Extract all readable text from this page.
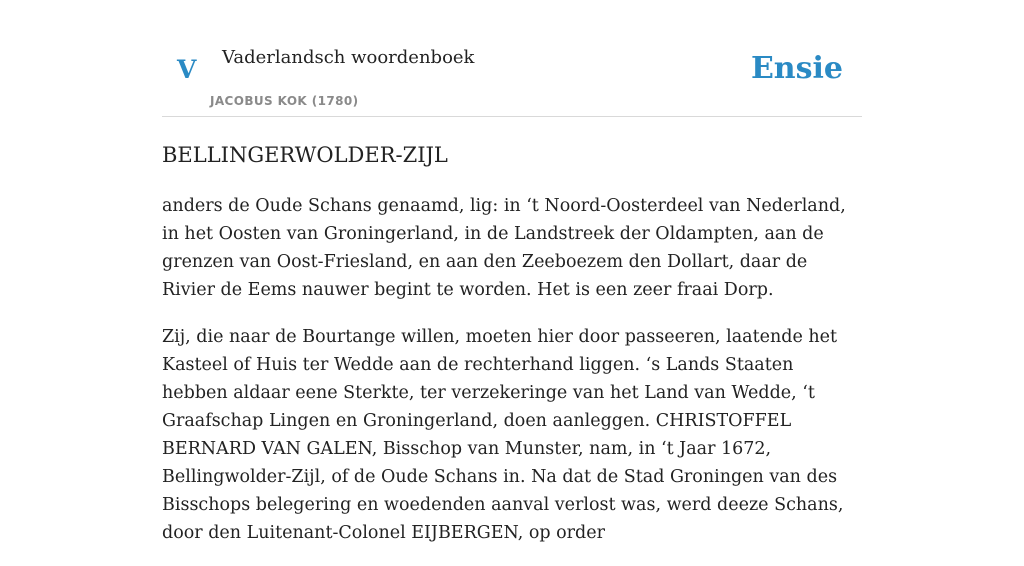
V Vaderlandsch woordenboek
JACOBUS KOK (1780)
Ensie
BELLINGERWOLDER-ZIJL

anders de Oude Schans genaamd, lig: in ‘t Noord-Oosterdeel van Nederland, in het Oosten van Groningerland, in de Landstreek der Oldampten, aan de grenzen van Oost-Friesland, en aan den Zeeboezem den Dollart, daar de Rivier de Eems nauwer begint te worden. Het is een zeer fraai Dorp.

Zij, die naar de Bourtange willen, moeten hier door passeeren, laatende het Kasteel of Huis ter Wedde aan de rechterhand liggen. ‘s Lands Staaten hebben aldaar eene Sterkte, ter verzekeringe van het Land van Wedde, ‘t Graafschap Lingen en Groningerland, doen aanleggen. CHRISTOFFEL BERNARD VAN GALEN, Bisschop van Munster, nam, in ‘t Jaar 1672, Bellingwolder-Zijl, of de Oude Schans in. Na dat de Stad Groningen van des Bisschops belegering en woedenden aanval verlost was, werd deeze Schans, door den Luitenant-Colonel EIJBERGEN, op order
